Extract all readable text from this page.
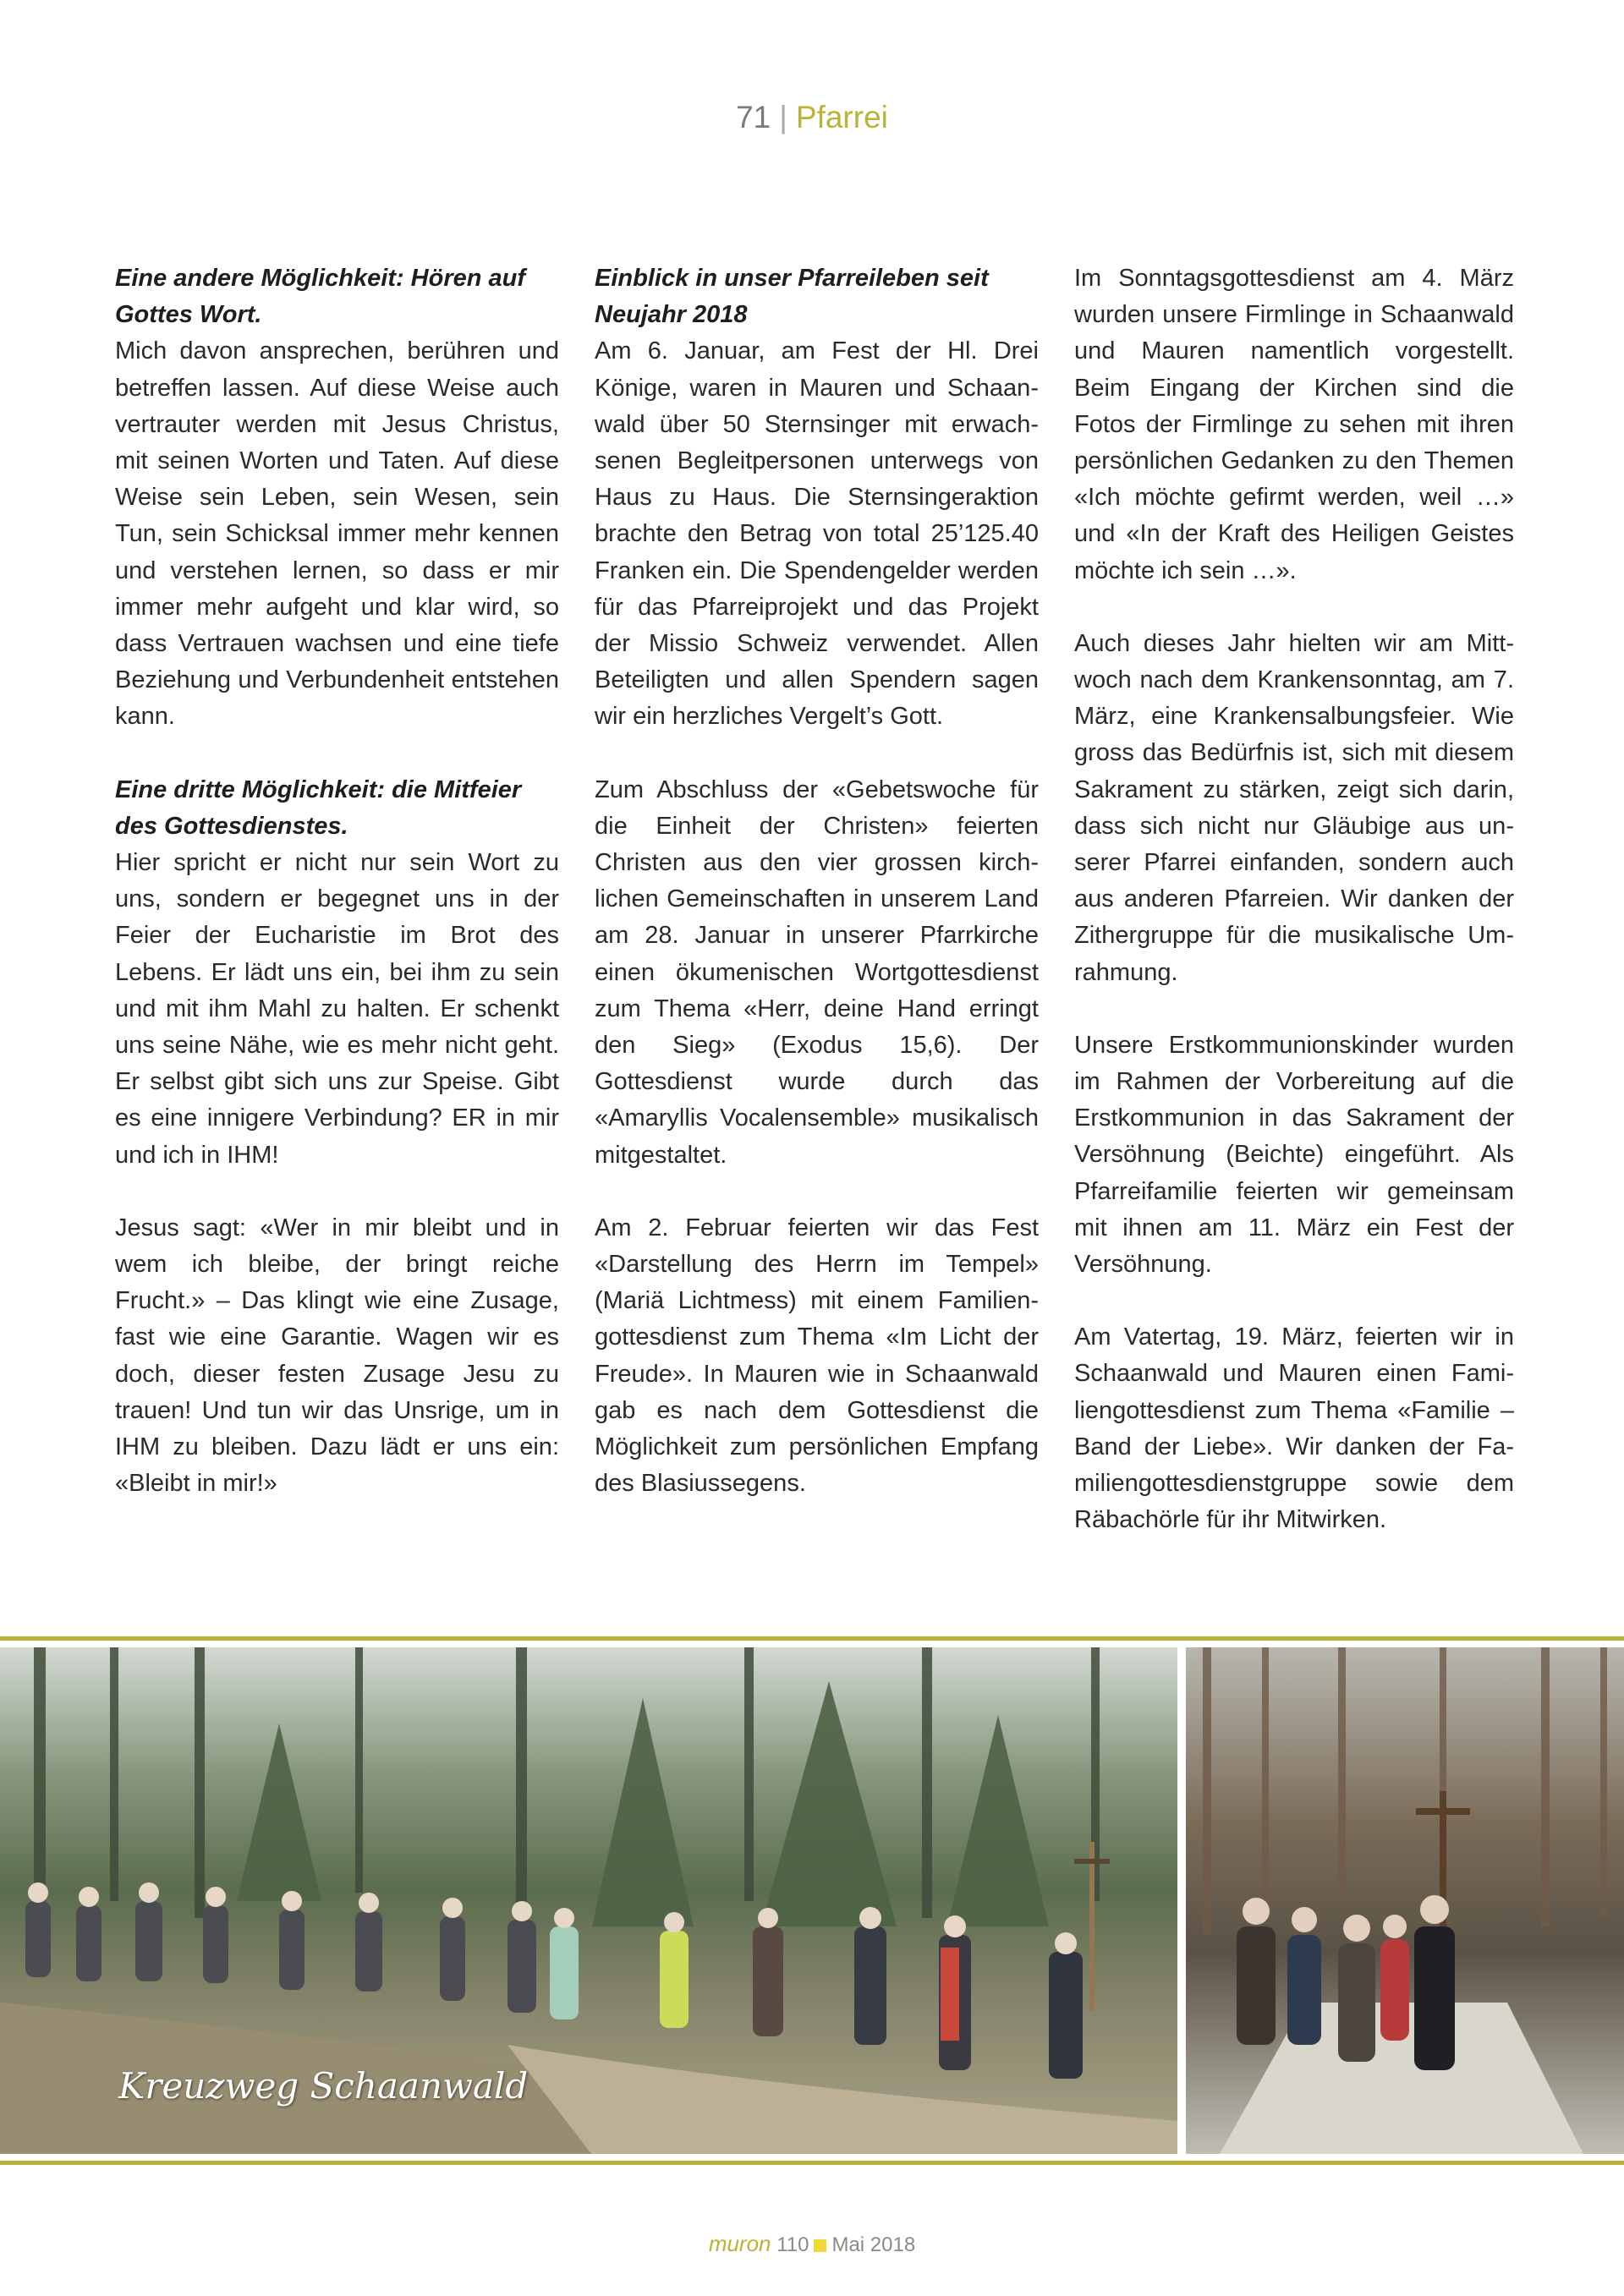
71 | Pfarrei
Eine andere Möglichkeit: Hören auf Gottes Wort.

Mich davon ansprechen, berühren und betreffen lassen. Auf diese Weise auch vertrauter werden mit Jesus Christus, mit seinen Worten und Taten. Auf diese Weise sein Leben, sein Wesen, sein Tun, sein Schicksal immer mehr kennen und verstehen lernen, so dass er mir immer mehr aufgeht und klar wird, so dass Vertrauen wachsen und eine tiefe Beziehung und Verbundenheit entstehen kann.

Eine dritte Möglichkeit: die Mitfeier des Gottesdienstes.

Hier spricht er nicht nur sein Wort zu uns, sondern er begegnet uns in der Feier der Eucharistie im Brot des Lebens. Er lädt uns ein, bei ihm zu sein und mit ihm Mahl zu halten. Er schenkt uns seine Nähe, wie es mehr nicht geht. Er selbst gibt sich uns zur Speise. Gibt es eine innigere Verbindung? ER in mir und ich in IHM!

Jesus sagt: «Wer in mir bleibt und in wem ich bleibe, der bringt reiche Frucht.» – Das klingt wie eine Zusage, fast wie eine Garantie. Wagen wir es doch, dieser festen Zusage Jesu zu trauen! Und tun wir das Unsrige, um in IHM zu bleiben. Dazu lädt er uns ein: «Bleibt in mir!»

Einblick in unser Pfarreileben seit Neujahr 2018

Am 6. Januar, am Fest der Hl. Drei Könige, waren in Mauren und Schaanwald über 50 Sternsinger mit erwachsenen Begleitpersonen unterwegs von Haus zu Haus. Die Sternsingeraktion brachte den Betrag von total 25’125.40 Franken ein. Die Spendengelder werden für das Pfarreiprojekt und das Projekt der Missio Schweiz verwendet. Allen Beteiligten und allen Spendern sagen wir ein herzliches Vergelt’s Gott.

Zum Abschluss der «Gebetswoche für die Einheit der Christen» feierten Christen aus den vier grossen kirchlichen Gemeinschaften in unserem Land am 28. Januar in unserer Pfarrkirche einen ökumenischen Wortgottesdienst zum Thema «Herr, deine Hand erringt den Sieg» (Exodus 15,6). Der Gottesdienst wurde durch das «Amaryllis Vocalensemble» musikalisch mitgestaltet.

Am 2. Februar feierten wir das Fest «Darstellung des Herrn im Tempel» (Mariä Lichtmess) mit einem Familiengottesdienst zum Thema «Im Licht der Freude». In Mauren wie in Schaanwald gab es nach dem Gottesdienst die Möglichkeit zum persönlichen Empfang des Blasiussegens.

Im Sonntagsgottesdienst am 4. März wurden unsere Firmlinge in Schaanwald und Mauren namentlich vorgestellt. Beim Eingang der Kirchen sind die Fotos der Firmlinge zu sehen mit ihren persönlichen Gedanken zu den Themen «Ich möchte gefirmt werden, weil …» und «In der Kraft des Heiligen Geistes möchte ich sein …».

Auch dieses Jahr hielten wir am Mittwoch nach dem Krankensonntag, am 7. März, eine Krankensalbungsfeier. Wie gross das Bedürfnis ist, sich mit diesem Sakrament zu stärken, zeigt sich darin, dass sich nicht nur Gläubige aus unserer Pfarrei einfanden, sondern auch aus anderen Pfarreien. Wir danken der Zithergruppe für die musikalische Umrahmung.

Unsere Erstkommunionskinder wurden im Rahmen der Vorbereitung auf die Erstkommunion in das Sakrament der Versöhnung (Beichte) eingeführt. Als Pfarreifamilie feierten wir gemeinsam mit ihnen am 11. März ein Fest der Versöhnung.

Am Vatertag, 19. März, feierten wir in Schaanwald und Mauren einen Familiengottesdienst zum Thema «Familie – Band der Liebe». Wir danken der Familiengottesdienstgruppe sowie dem Räbachörle für ihr Mitwirken.

Kreuzweg Schaanwald
muron 110 Mai 2018
